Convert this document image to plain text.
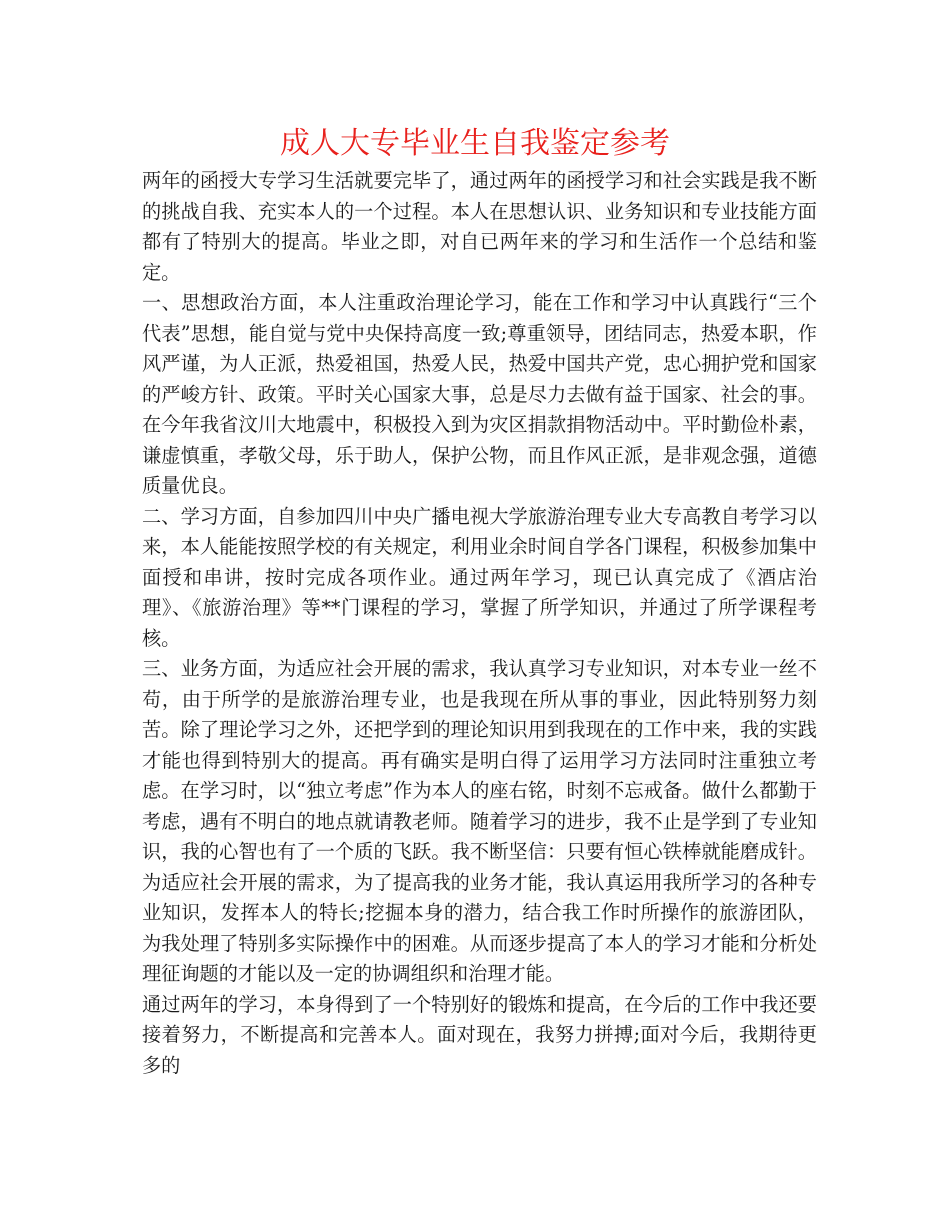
成人大专毕业生自我鉴定参考

两年的函授大专学习生活就要完毕了，通过两年的函授学习和社会实践是我不断的挑战自我、充实本人的一个过程。本人在思想认识、业务知识和专业技能方面都有了特别大的提高。毕业之即，对自已两年来的学习和生活作一个总结和鉴定。

一、思想政治方面，本人注重政治理论学习，能在工作和学习中认真践行“三个代表”思想，能自觉与党中央保持高度一致;尊重领导，团结同志，热爱本职，作风严谨，为人正派，热爱祖国，热爱人民，热爱中国共产党，忠心拥护党和国家的严峻方针、政策。平时关心国家大事，总是尽力去做有益于国家、社会的事。在今年我省汶川大地震中，积极投入到为灾区捐款捐物活动中。平时勤俭朴素，谦虚慎重，孝敬父母，乐于助人，保护公物，而且作风正派，是非观念强，道德质量优良。

二、学习方面，自参加四川中央广播电视大学旅游治理专业大专高教自考学习以来，本人能能按照学校的有关规定，利用业余时间自学各门课程，积极参加集中面授和串讲，按时完成各项作业。通过两年学习，现已认真完成了《酒店治理》、《旅游治理》等**门课程的学习，掌握了所学知识，并通过了所学课程考核。

三、业务方面，为适应社会开展的需求，我认真学习专业知识，对本专业一丝不苟，由于所学的是旅游治理专业，也是我现在所从事的事业，因此特别努力刻苦。除了理论学习之外，还把学到的理论知识用到我现在的工作中来，我的实践才能也得到特别大的提高。再有确实是明白得了运用学习方法同时注重独立考虑。在学习时，以“独立考虑”作为本人的座右铭，时刻不忘戒备。做什么都勤于考虑，遇有不明白的地点就请教老师。随着学习的进步，我不止是学到了专业知识，我的心智也有了一个质的飞跃。我不断坚信：只要有恒心铁棒就能磨成针。为适应社会开展的需求，为了提高我的业务才能，我认真运用我所学习的各种专业知识，发挥本人的特长;挖掘本身的潜力，结合我工作时所操作的旅游团队，为我处理了特别多实际操作中的困难。从而逐步提高了本人的学习才能和分析处理征询题的才能以及一定的协调组织和治理才能。

通过两年的学习，本身得到了一个特别好的锻炼和提高，在今后的工作中我还要接着努力，不断提高和完善本人。面对现在，我努力拼搏;面对今后，我期待更多的
